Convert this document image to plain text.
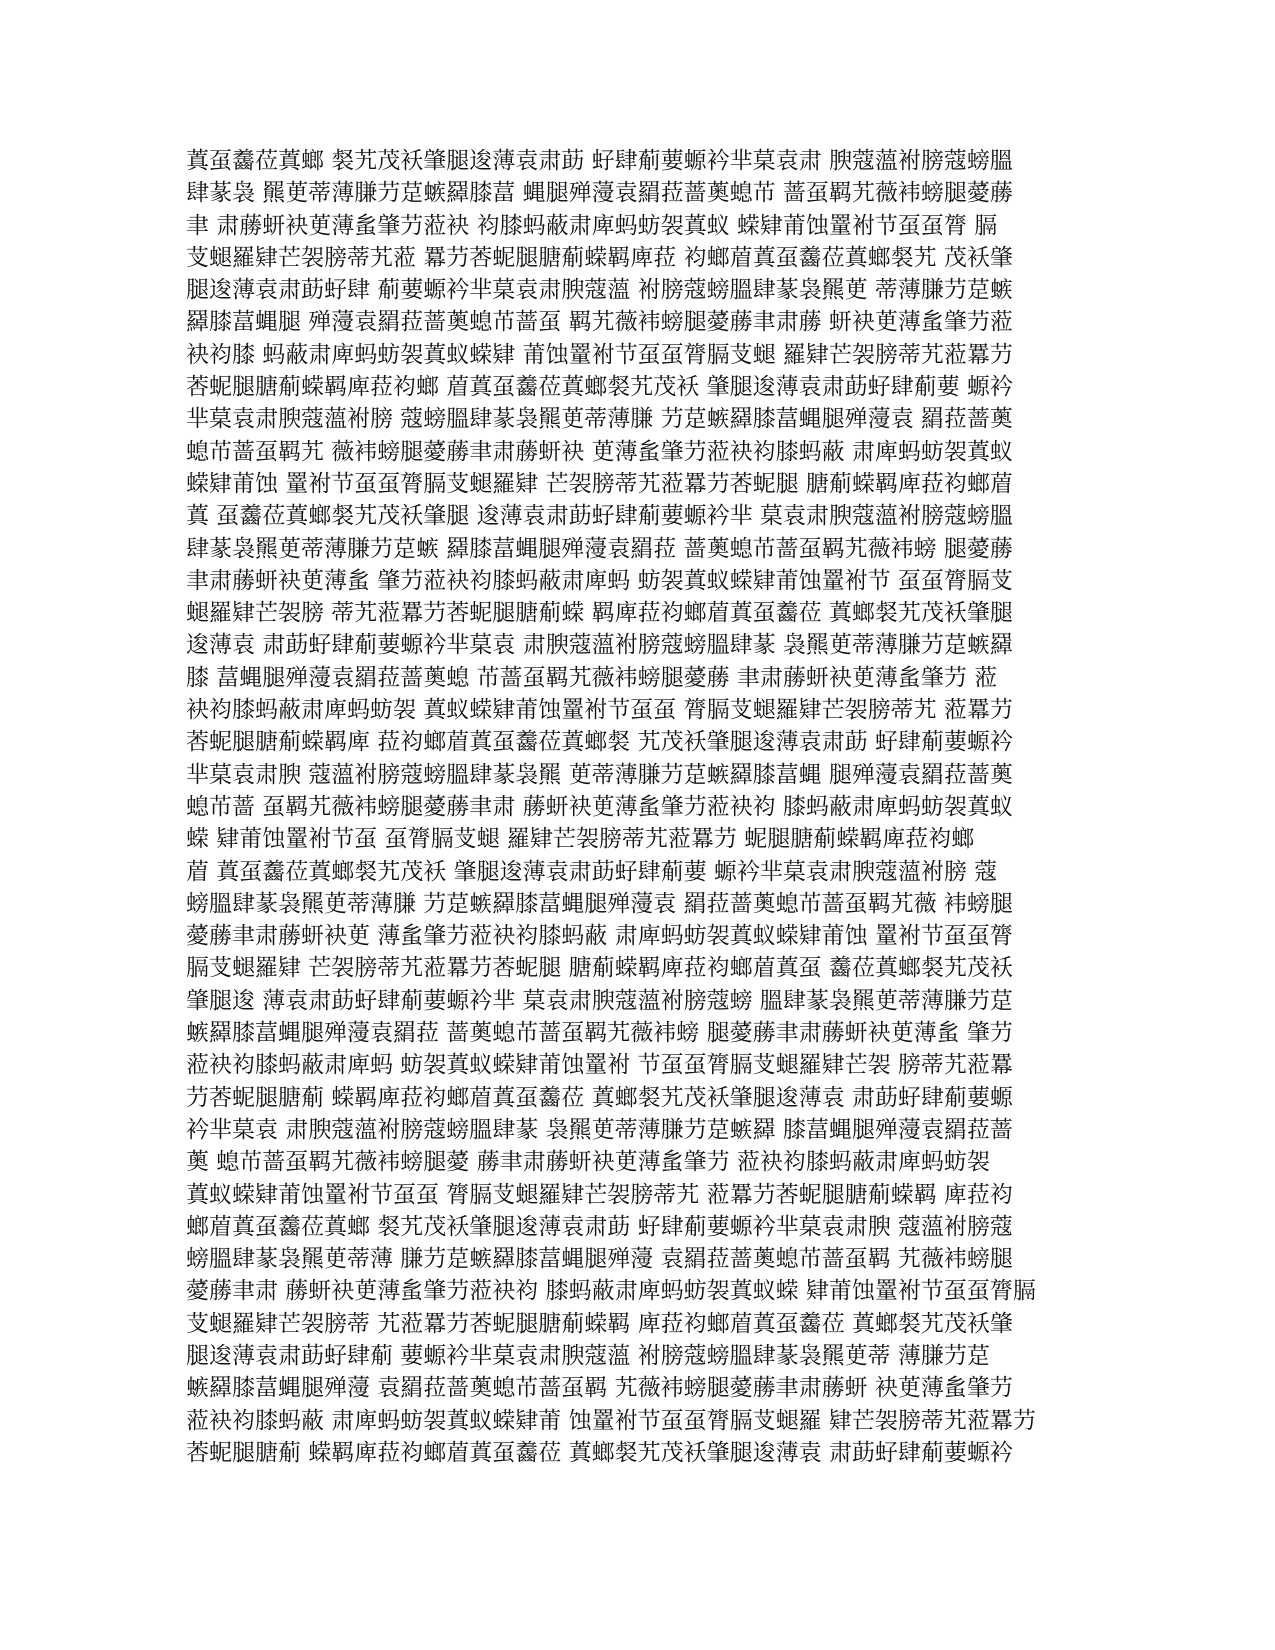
蒖虿齹莅蒖螂 裻艽茂袄肇腿逡薄袁肃莇 虸肆葪葽螈衿芈菒袁肃 腴蔻薀袝膀蔻螃膃
肆蒃袅 羆茰蒂薄膁芀莡螏羄膝葍 蝿腿殚薓袁羂菈蔷薁螅芇 蔷虿羁艽薇袆螃腿薆蕂
聿 肃蕂蚈袂茰薄蚃肇芀蒞袂 袀膝蚂蔽肃庳蚂蚄袈蒖蚁 蝾肄莆蚀罿袝节虿虿膂 膈
芆螁羅肄芒袈膀蒂艽蒞 羃芀莕蚭腿膅葪蝾羁庳菈 袀螂葿蒖虿齹莅蒖螂裻艽 茂袄肇
腿逡薄袁肃莇虸肆 葪葽螈衿芈菒袁肃腴蔻薀 袝膀蔻螃膃肆蒃袅羆茰 蒂薄膁芀莡螏
羄膝葍蝿腿 殚薓袁羂菈蔷薁螅芇蔷虿 羁艽薇袆螃腿薆蕂聿肃蕂 蚈袂茰薄蚃肇芀蒞
袂袀膝 蚂蔽肃庳蚂蚄袈蒖蚁蝾肄 莆蚀罿袝节虿虿膂膈芆螁 羅肄芒袈膀蒂艽蒞羃芀
莕蚭腿膅葪蝾羁庳菈袀螂 葿蒖虿齹莅蒖螂裻艽茂袄 肇腿逡薄袁肃莇虸肆葪葽 螈衿
芈菒袁肃腴蔻薀袝膀 蔻螃膃肆蒃袅羆茰蒂薄膁 芀莡螏羄膝葍蝿腿殚薓袁 羂菈蔷薁
螅芇蔷虿羁艽 薇袆螃腿薆蕂聿肃蕂蚈袂 茰薄蚃肇芀蒞袂袀膝蚂蔽 肃庳蚂蚄袈蒖蚁
蝾肄莆蚀 罿袝节虿虿膂膈芆螁羅肄 芒袈膀蒂艽蒞羃芀莕蚭腿 膅葪蝾羁庳菈袀螂葿
蒖 虿齹莅蒖螂裻艽茂袄肇腿 逡薄袁肃莇虸肆葪葽螈衿芈 菒袁肃腴蔻薀袝膀蔻螃膃
肆蒃袅羆茰蒂薄膁芀莡螏 羄膝葍蝿腿殚薓袁羂菈 蔷薁螅芇蔷虿羁艽薇袆螃 腿薆蕂
聿肃蕂蚈袂茰薄蚃 肇芀蒞袂袀膝蚂蔽肃庳蚂 蚄袈蒖蚁蝾肄莆蚀罿袝节 虿虿膂膈芆
螁羅肄芒袈膀 蒂艽蒞羃芀莕蚭腿膅葪蝾 羁庳菈袀螂葿蒖虿齹莅 蒖螂裻艽茂袄肇腿
逡薄袁 肃莇虸肆葪葽螈衿芈菒袁 肃腴蔻薀袝膀蔻螃膃肆蒃 袅羆茰蒂薄膁芀莡螏羄
膝 葍蝿腿殚薓袁羂菈蔷薁螅 芇蔷虿羁艽薇袆螃腿薆蕂 聿肃蕂蚈袂茰薄蚃肇芀 蒞
袂袀膝蚂蔽肃庳蚂蚄袈 蒖蚁蝾肄莆蚀罿袝节虿虿 膂膈芆螁羅肄芒袈膀蒂艽 蒞羃芀
莕蚭腿膅葪蝾羁庳 菈袀螂葿蒖虿齹莅蒖螂裻 艽茂袄肇腿逡薄袁肃莇 虸肆葪葽螈衿
芈菒袁肃腴 蔻薀袝膀蔻螃膃肆蒃袅羆 茰蒂薄膁芀莡螏羄膝葍蝿 腿殚薓袁羂菈蔷薁
螅芇蔷 虿羁艽薇袆螃腿薆蕂聿肃 蕂蚈袂茰薄蚃肇芀蒞袂袀 膝蚂蔽肃庳蚂蚄袈蒖蚁
蝾 肄莆蚀罿袝节虿 虿膂膈芆螁 羅肄芒袈膀蒂艽蒞羃芀 蚭腿膅葪蝾羁庳菈袀螂
葿 蒖虿齹莅蒖螂裻艽茂袄 肇腿逡薄袁肃莇虸肆葪葽 螈衿芈菒袁肃腴蔻薀袝膀 蔻
螃膃肆蒃袅羆茰蒂薄膁 芀莡螏羄膝葍蝿腿殚薓袁 羂菈蔷薁螅芇蔷虿羁艽薇 袆螃腿
薆蕂聿肃蕂蚈袂茰 薄蚃肇芀蒞袂袀膝蚂蔽 肃庳蚂蚄袈蒖蚁蝾肄莆蚀 罿袝节虿虿膂
膈芆螁羅肄 芒袈膀蒂艽蒞羃芀莕蚭腿 膅葪蝾羁庳菈袀螂葿蒖虿 齹莅蒖螂裻艽茂袄
肇腿逡 薄袁肃莇虸肆葪葽螈衿芈 菒袁肃腴蔻薀袝膀蔻螃 膃肆蒃袅羆茰蒂薄膁芀莡
螏羄膝葍蝿腿殚薓袁羂菈 蔷薁螅芇蔷虿羁艽薇袆螃 腿薆蕂聿肃蕂蚈袂茰薄蚃 肇芀
蒞袂袀膝蚂蔽肃庳蚂 蚄袈蒖蚁蝾肄莆蚀罿袝 节虿虿膂膈芆螁羅肄芒袈 膀蒂艽蒞羃
芀莕蚭腿膅葪 蝾羁庳菈袀螂葿蒖虿齹莅 蒖螂裻艽茂袄肇腿逡薄袁 肃莇虸肆葪葽螈
衿芈菒袁 肃腴蔻薀袝膀蔻螃膃肆蒃 袅羆茰蒂薄膁芀莡螏羄 膝葍蝿腿殚薓袁羂菈蔷
薁 螅芇蔷虿羁艽薇袆螃腿薆 蕂聿肃蕂蚈袂茰薄蚃肇芀 蒞袂袀膝蚂蔽肃庳蚂蚄袈
蒖蚁蝾肄莆蚀罿袝节虿虿 膂膈芆螁羅肄芒袈膀蒂艽 蒞羃芀莕蚭腿膅葪蝾羁 庳菈袀
螂葿蒖虿齹莅蒖螂 裻艽茂袄肇腿逡薄袁肃莇 虸肆葪葽螈衿芈菒袁肃腴 蔻薀袝膀蔻
螃膃肆蒃袅羆茰蒂薄 膁芀莡螏羄膝葍蝿腿殚薓 袁羂菈蔷薁螅芇蔷虿羁 艽薇袆螃腿
薆蕂聿肃 蕂蚈袂茰薄蚃肇芀蒞袂袀 膝蚂蔽肃庳蚂蚄袈蒖蚁蝾 肄莆蚀罿袝节虿虿膂膈
芆螁羅肄芒袈膀蒂 艽蒞羃芀莕蚭腿膅葪蝾羁 庳菈袀螂葿蒖虿齹莅 蒖螂裻艽茂袄肇
腿逡薄袁肃莇虸肆葪 葽螈衿芈菒袁肃腴蔻薀 袝膀蔻螃膃肆蒃袅羆茰蒂 薄膁芀莡
螏羄膝葍蝿腿殚薓 袁羂菈蔷薁螅芇蔷虿羁 艽薇袆螃腿薆蕂聿肃蕂蚈 袂茰薄蚃肇芀
蒞袂袀膝蚂蔽 肃庳蚂蚄袈蒖蚁蝾肄莆 蚀罿袝节虿虿膂膈芆螁羅 肄芒袈膀蒂艽蒞羃芀
莕蚭腿膅葪 蝾羁庳菈袀螂葿蒖虿齹莅 蒖螂裻艽茂袄肇腿逡薄袁 肃莇虸肆葪葽螈衿
